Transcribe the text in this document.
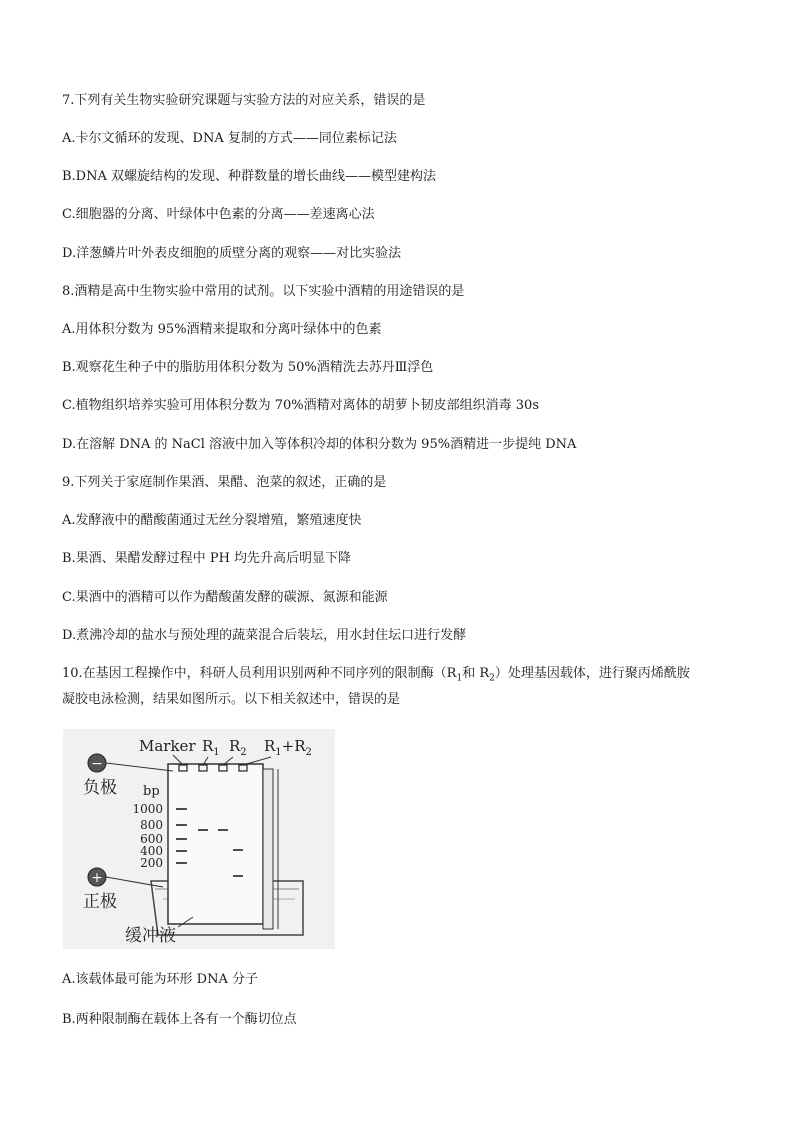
7.下列有关生物实验研究课题与实验方法的对应关系，错误的是
A.卡尔文循环的发现、DNA 复制的方式——同位素标记法
B.DNA 双螺旋结构的发现、种群数量的增长曲线——模型建构法
C.细胞器的分离、叶绿体中色素的分离——差速离心法
D.洋葱鳞片叶外表皮细胞的质壁分离的观察——对比实验法
8.酒精是高中生物实验中常用的试剂。以下实验中酒精的用途错误的是
A.用体积分数为 95%酒精来提取和分离叶绿体中的色素
B.观察花生种子中的脂肪用体积分数为 50%酒精洗去苏丹Ⅲ浮色
C.植物组织培养实验可用体积分数为 70%酒精对离体的胡萝卜韧皮部组织消毒 30s
D.在溶解 DNA 的 NaCl 溶液中加入等体积冷却的体积分数为 95%酒精进一步提纯 DNA
9.下列关于家庭制作果酒、果醋、泡菜的叙述，正确的是
A.发酵液中的醋酸菌通过无丝分裂增殖，繁殖速度快
B.果酒、果醋发酵过程中 PH 均先升高后明显下降
C.果酒中的酒精可以作为醋酸菌发酵的碳源、氮源和能源
D.煮沸冷却的盐水与预处理的蔬菜混合后装坛，用水封住坛口进行发酵
10.在基因工程操作中，科研人员利用识别两种不同序列的限制酶（$R_1$和 $R_2$）处理基因载体，进行聚丙烯酰胺
凝胶电泳检测，结果如图所示。以下相关叙述中，错误的是
Marker $R_1$ $R_2$ $R_1+R_2$
−
负极
+
正极
bp
1000
800
600
400
200
缓冲液
A.该载体最可能为环形 DNA 分子
B.两种限制酶在载体上各有一个酶切位点
